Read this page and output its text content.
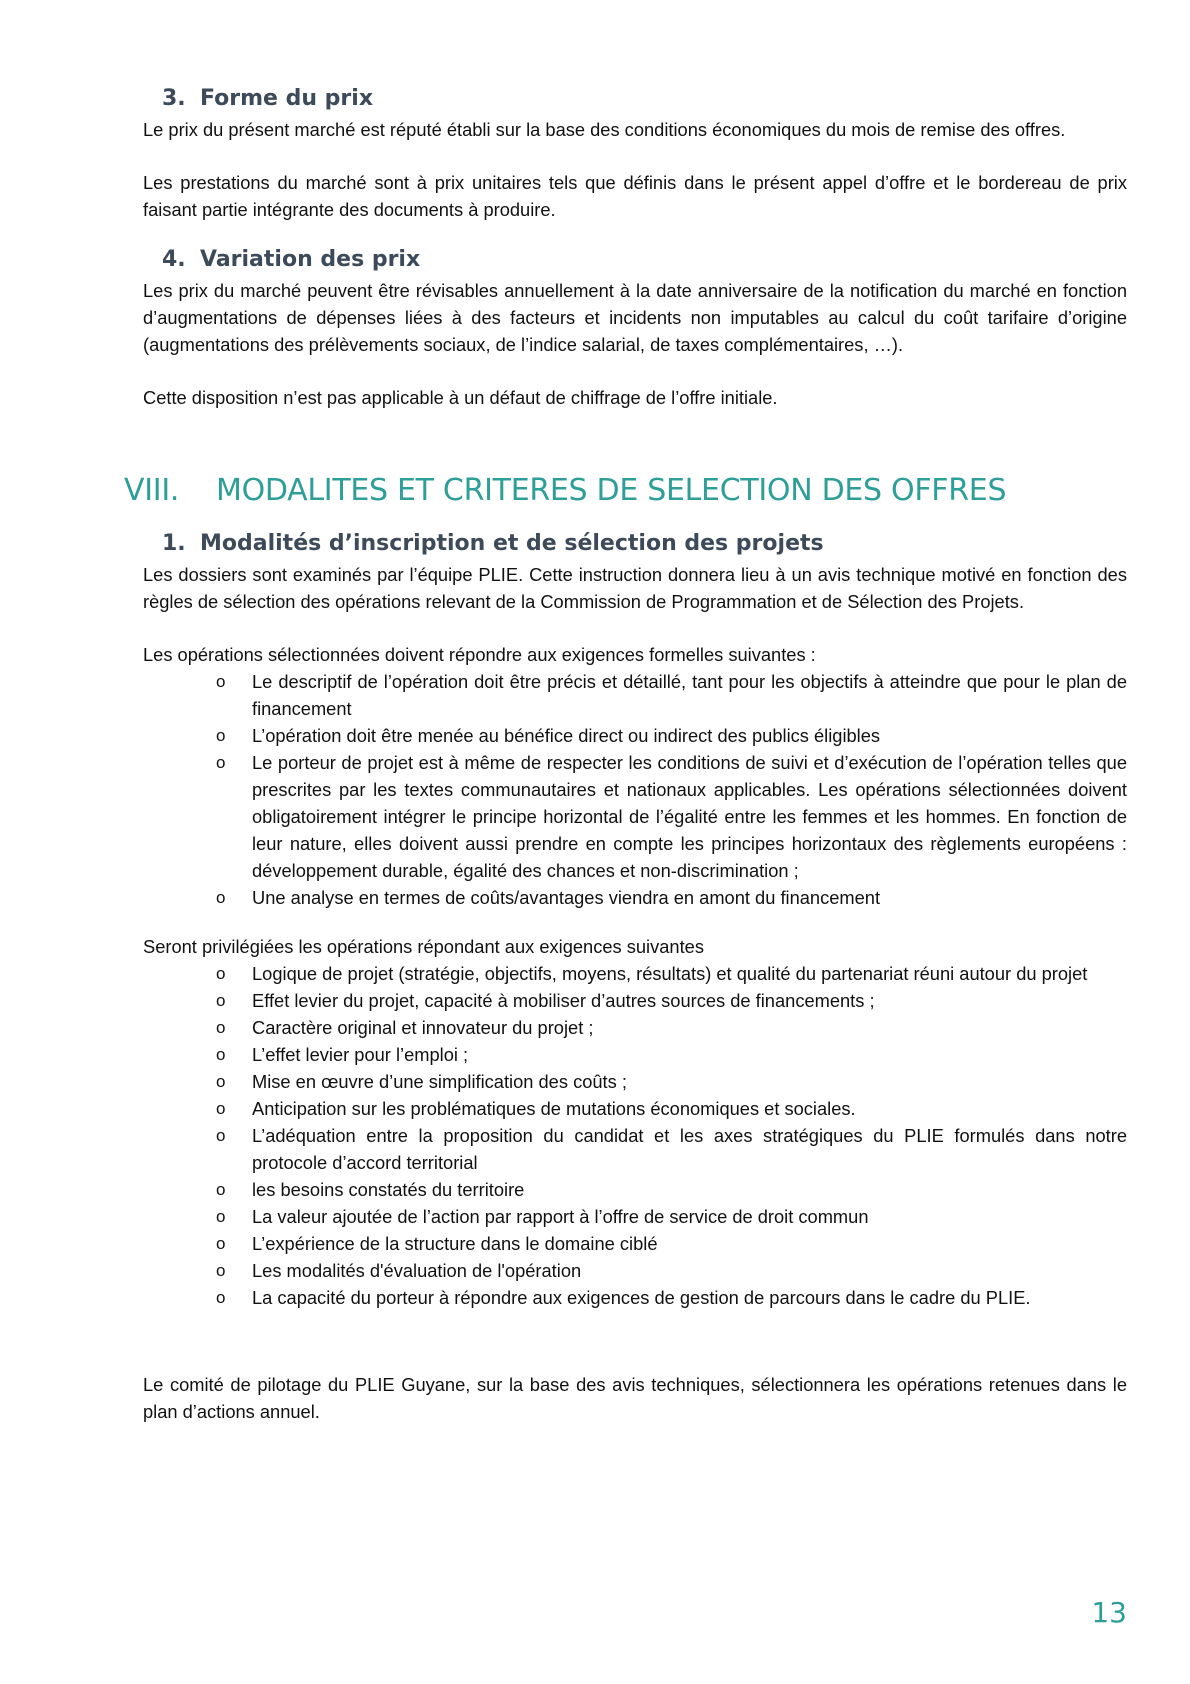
3. Forme du prix

Le prix du présent marché est réputé établi sur la base des conditions économiques du mois de remise des offres.

Les prestations du marché sont à prix unitaires tels que définis dans le présent appel d’offre et le bordereau de prix faisant partie intégrante des documents à produire.

4. Variation des prix

Les prix du marché peuvent être révisables annuellement à la date anniversaire de la notification du marché en fonction d’augmentations de dépenses liées à des facteurs et incidents non imputables au calcul du coût tarifaire d’origine (augmentations des prélèvements sociaux, de l’indice salarial, de taxes complémentaires, …).

Cette disposition n’est pas applicable à un défaut de chiffrage de l’offre initiale.

VIII. MODALITES ET CRITERES DE SELECTION DES OFFRES
1. Modalités d’inscription et de sélection des projets

Les dossiers sont examinés par l’équipe PLIE. Cette instruction donnera lieu à un avis technique motivé en fonction des règles de sélection des opérations relevant de la Commission de Programmation et de Sélection des Projets.

Les opérations sélectionnées doivent répondre aux exigences formelles suivantes :

o Le descriptif de l’opération doit être précis et détaillé, tant pour les objectifs à atteindre que pour le plan de financement
o L’opération doit être menée au bénéfice direct ou indirect des publics éligibles
o Le porteur de projet est à même de respecter les conditions de suivi et d’exécution de l’opération telles que prescrites par les textes communautaires et nationaux applicables. Les opérations sélectionnées doivent obligatoirement intégrer le principe horizontal de l’égalité entre les femmes et les hommes. En fonction de leur nature, elles doivent aussi prendre en compte les principes horizontaux des règlements européens : développement durable, égalité des chances et non-discrimination ;
o Une analyse en termes de coûts/avantages viendra en amont du financement

Seront privilégiées les opérations répondant aux exigences suivantes

o Logique de projet (stratégie, objectifs, moyens, résultats) et qualité du partenariat réuni autour du projet
o Effet levier du projet, capacité à mobiliser d’autres sources de financements ;
o Caractère original et innovateur du projet ;
o L’effet levier pour l’emploi ;
o Mise en œuvre d’une simplification des coûts ;
o Anticipation sur les problématiques de mutations économiques et sociales.
o L’adéquation entre la proposition du candidat et les axes stratégiques du PLIE formulés dans notre protocole d’accord territorial
o les besoins constatés du territoire
o La valeur ajoutée de l’action par rapport à l’offre de service de droit commun
o L’expérience de la structure dans le domaine ciblé
o Les modalités d'évaluation de l'opération
o La capacité du porteur à répondre aux exigences de gestion de parcours dans le cadre du PLIE.

Le comité de pilotage du PLIE Guyane, sur la base des avis techniques, sélectionnera les opérations retenues dans le plan d’actions annuel.

13
